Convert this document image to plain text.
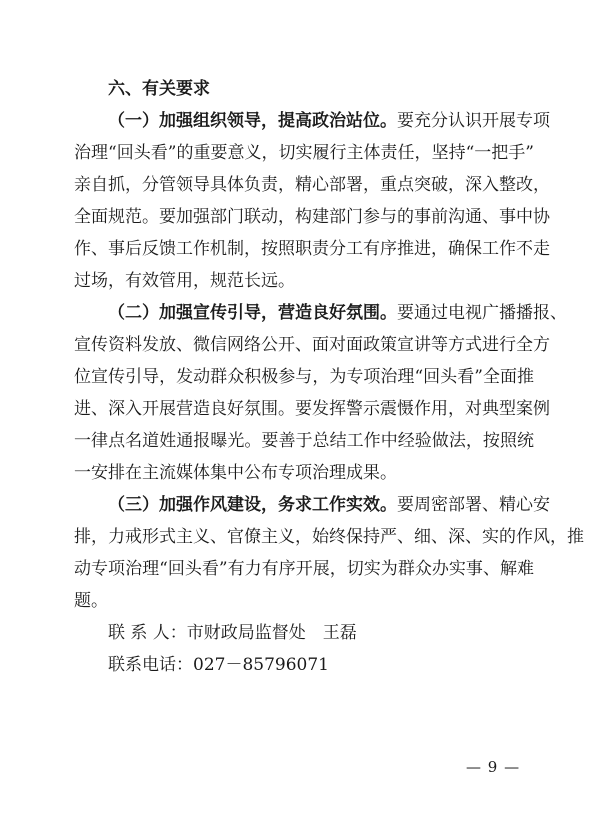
六、有关要求
（一）加强组织领导，提高政治站位。要充分认识开展专项
治理“回头看”的重要意义，切实履行主体责任，坚持“一把手”
亲自抓，分管领导具体负责，精心部署，重点突破，深入整改，
全面规范。要加强部门联动，构建部门参与的事前沟通、事中协
作、事后反馈工作机制，按照职责分工有序推进，确保工作不走
过场，有效管用，规范长远。
（二）加强宣传引导，营造良好氛围。要通过电视广播播报、
宣传资料发放、微信网络公开、面对面政策宣讲等方式进行全方
位宣传引导，发动群众积极参与，为专项治理“回头看”全面推
进、深入开展营造良好氛围。要发挥警示震慑作用，对典型案例
一律点名道姓通报曝光。要善于总结工作中经验做法，按照统
一安排在主流媒体集中公布专项治理成果。
（三）加强作风建设，务求工作实效。要周密部署、精心安
排，力戒形式主义、官僚主义，始终保持严、细、深、实的作风，推
动专项治理“回头看”有力有序开展，切实为群众办实事、解难
题。
联 系 人：市财政局监督处　王磊
联系电话：027－85796071
— 9 —
